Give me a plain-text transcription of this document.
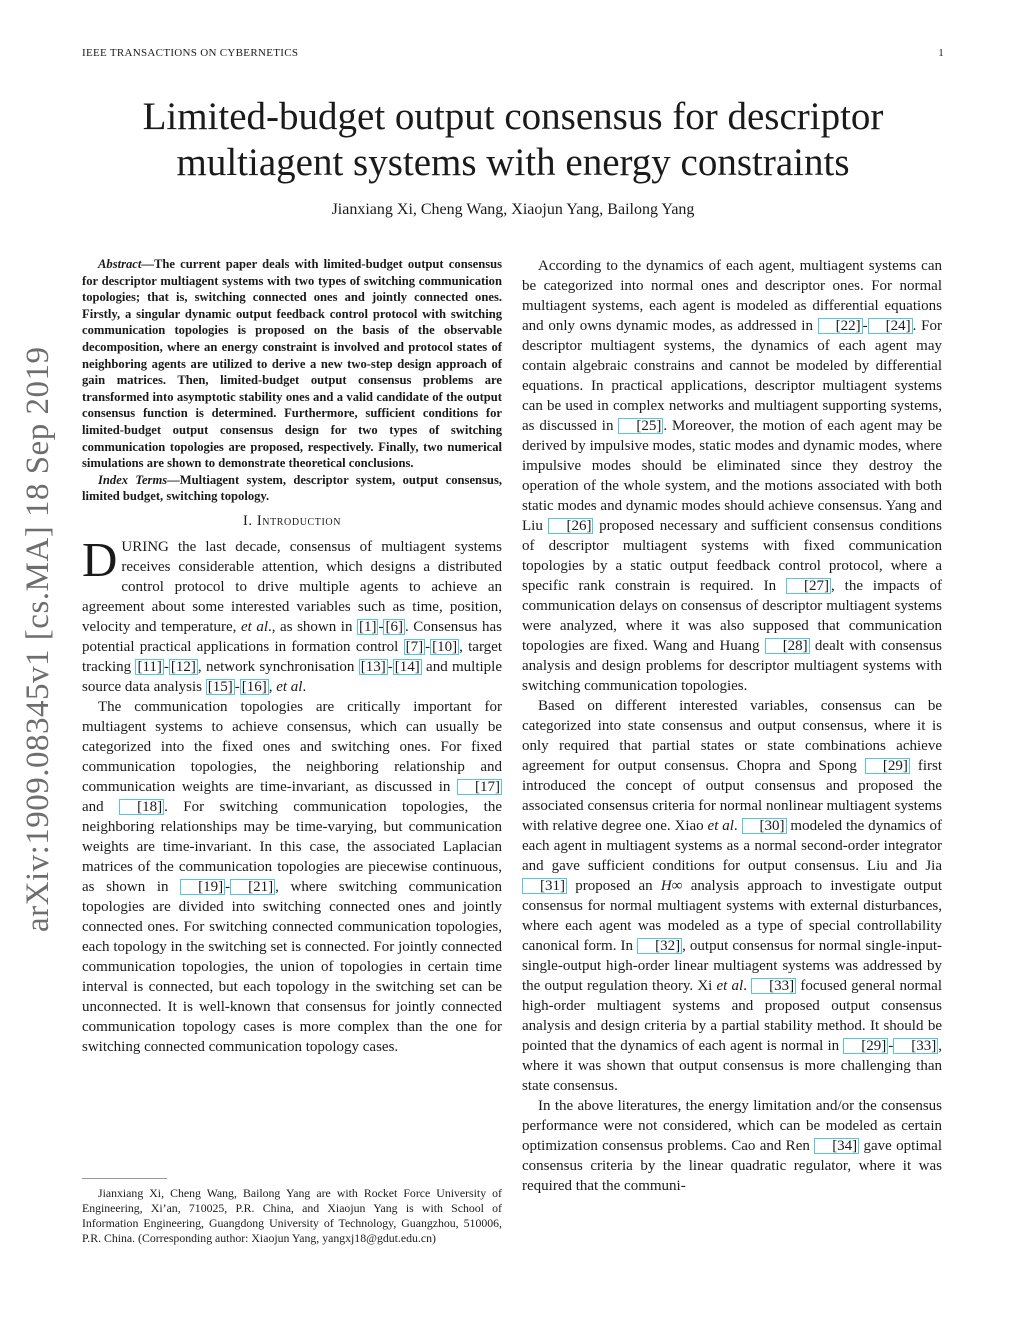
IEEE TRANSACTIONS ON CYBERNETICS	1
Limited-budget output consensus for descriptor
multiagent systems with energy constraints
Jianxiang Xi, Cheng Wang, Xiaojun Yang, Bailong Yang
arXiv:1909.08345v1 [cs.MA] 18 Sep 2019

Abstract—The current paper deals with limited-budget output consensus for descriptor multiagent systems with two types of switching communication topologies; that is, switching connected ones and jointly connected ones. Firstly, a singular dynamic output feedback control protocol with switching communication topologies is proposed on the basis of the observable decomposition, where an energy constraint is involved and protocol states of neighboring agents are utilized to derive a new two-step design approach of gain matrices. Then, limited-budget output consensus problems are transformed into asymptotic stability ones and a valid candidate of the output consensus function is determined. Furthermore, sufficient conditions for limited-budget output consensus design for two types of switching communication topologies are proposed, respectively. Finally, two numerical simulations are shown to demonstrate theoretical conclusions.

Index Terms—Multiagent system, descriptor system, output consensus, limited budget, switching topology.

I. Introduction

DURING the last decade, consensus of multiagent systems receives considerable attention, which designs a distributed control protocol to drive multiple agents to achieve an agreement about some interested variables such as time, position, velocity and temperature, et al., as shown in [1] - [6] . Consensus has potential practical applications in formation control [7] - [10] , target tracking [11] - [12] , network synchronisation [13] - [14] and multiple source data analysis [15] - [16] , et al.

The communication topologies are critically important for multiagent systems to achieve consensus, which can usually be categorized into the fixed ones and switching ones. For fixed communication topologies, the neighboring relationship and communication weights are time-invariant, as discussed in [17] and [18] . For switching communication topologies, the neighboring relationships may be time-varying, but communication weights are time-invariant. In this case, the associated Laplacian matrices of the communication topologies are piecewise continuous, as shown in [19] - [21] , where switching communication topologies are divided into switching connected ones and jointly connected ones. For switching connected communication topologies, each topology in the switching set is connected. For jointly connected communication topologies, the union of topologies in certain time interval is connected, but each topology in the switching set can be unconnected. It is well-known that consensus for jointly connected communication topology cases is more complex than the one for switching connected communication topology cases.

Jianxiang Xi, Cheng Wang, Bailong Yang are with Rocket Force University of Engineering, Xi’an, 710025, P.R. China, and Xiaojun Yang is with School of Information Engineering, Guangdong University of Technology, Guangzhou, 510006, P.R. China. (Corresponding author: Xiaojun Yang, yangxj18@gdut.edu.cn)

According to the dynamics of each agent, multiagent systems can be categorized into normal ones and descriptor ones. For normal multiagent systems, each agent is modeled as differential equations and only owns dynamic modes, as addressed in [22] - [24] . For descriptor multiagent systems, the dynamics of each agent may contain algebraic constrains and cannot be modeled by differential equations. In practical applications, descriptor multiagent systems can be used in complex networks and multiagent supporting systems, as discussed in [25] . Moreover, the motion of each agent may be derived by impulsive modes, static modes and dynamic modes, where impulsive modes should be eliminated since they destroy the operation of the whole system, and the motions associated with both static modes and dynamic modes should achieve consensus. Yang and Liu [26] proposed necessary and sufficient consensus conditions of descriptor multiagent systems with fixed communication topologies by a static output feedback control protocol, where a specific rank constrain is required. In [27] , the impacts of communication delays on consensus of descriptor multiagent systems were analyzed, where it was also supposed that communication topologies are fixed. Wang and Huang [28] dealt with consensus analysis and design problems for descriptor multiagent systems with switching communication topologies.

Based on different interested variables, consensus can be categorized into state consensus and output consensus, where it is only required that partial states or state combinations achieve agreement for output consensus. Chopra and Spong [29] first introduced the concept of output consensus and proposed the associated consensus criteria for normal nonlinear multiagent systems with relative degree one. Xiao et al. [30] modeled the dynamics of each agent in multiagent systems as a normal second-order integrator and gave sufficient conditions for output consensus. Liu and Jia [31] proposed an H∞ analysis approach to investigate output consensus for normal multiagent systems with external disturbances, where each agent was modeled as a type of special controllability canonical form. In [32] , output consensus for normal single-input-single-output high-order linear multiagent systems was addressed by the output regulation theory. Xi et al. [33] focused general normal high-order multiagent systems and proposed output consensus analysis and design criteria by a partial stability method. It should be pointed that the dynamics of each agent is normal in [29] - [33] , where it was shown that output consensus is more challenging than state consensus.

In the above literatures, the energy limitation and/or the consensus performance were not considered, which can be modeled as certain optimization consensus problems. Cao and Ren [34] gave optimal consensus criteria by the linear quadratic regulator, where it was required that the communi-
